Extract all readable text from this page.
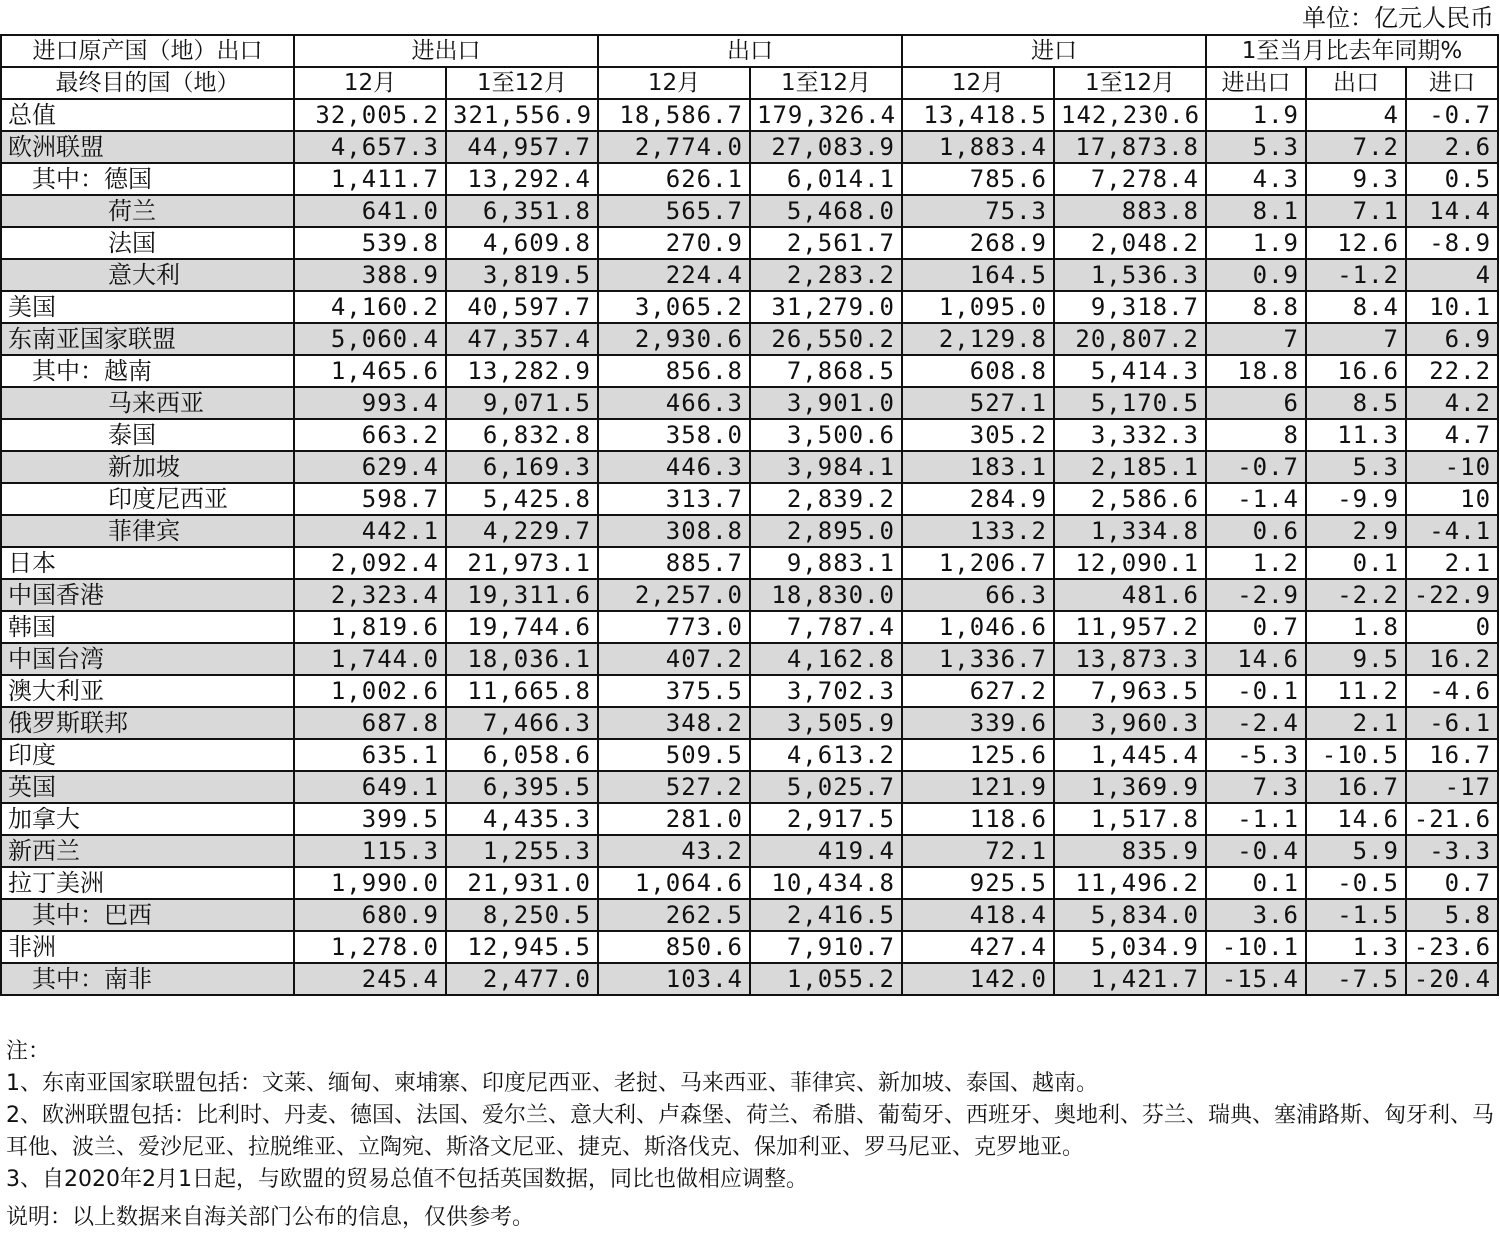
单位：亿元人民币
进口原产国（地）出口	进出口		出口		进口		1至当月比去年同期%		
最终目的国（地）	12月	1至12月	12月	1至12月	12月	1至12月	进出口	出口	进口
总值	32,005.2	321,556.9	18,586.7	179,326.4	13,418.5	142,230.6	1.9	4	-0.7
欧洲联盟	4,657.3	44,957.7	2,774.0	27,083.9	1,883.4	17,873.8	5.3	7.2	2.6
其中：德国	1,411.7	13,292.4	626.1	6,014.1	785.6	7,278.4	4.3	9.3	0.5
荷兰	641.0	6,351.8	565.7	5,468.0	75.3	883.8	8.1	7.1	14.4
法国	539.8	4,609.8	270.9	2,561.7	268.9	2,048.2	1.9	12.6	-8.9
意大利	388.9	3,819.5	224.4	2,283.2	164.5	1,536.3	0.9	-1.2	4
美国	4,160.2	40,597.7	3,065.2	31,279.0	1,095.0	9,318.7	8.8	8.4	10.1
东南亚国家联盟	5,060.4	47,357.4	2,930.6	26,550.2	2,129.8	20,807.2	7	7	6.9
其中：越南	1,465.6	13,282.9	856.8	7,868.5	608.8	5,414.3	18.8	16.6	22.2
马来西亚	993.4	9,071.5	466.3	3,901.0	527.1	5,170.5	6	8.5	4.2
泰国	663.2	6,832.8	358.0	3,500.6	305.2	3,332.3	8	11.3	4.7
新加坡	629.4	6,169.3	446.3	3,984.1	183.1	2,185.1	-0.7	5.3	-10
印度尼西亚	598.7	5,425.8	313.7	2,839.2	284.9	2,586.6	-1.4	-9.9	10
菲律宾	442.1	4,229.7	308.8	2,895.0	133.2	1,334.8	0.6	2.9	-4.1
日本	2,092.4	21,973.1	885.7	9,883.1	1,206.7	12,090.1	1.2	0.1	2.1
中国香港	2,323.4	19,311.6	2,257.0	18,830.0	66.3	481.6	-2.9	-2.2	-22.9
韩国	1,819.6	19,744.6	773.0	7,787.4	1,046.6	11,957.2	0.7	1.8	0
中国台湾	1,744.0	18,036.1	407.2	4,162.8	1,336.7	13,873.3	14.6	9.5	16.2
澳大利亚	1,002.6	11,665.8	375.5	3,702.3	627.2	7,963.5	-0.1	11.2	-4.6
俄罗斯联邦	687.8	7,466.3	348.2	3,505.9	339.6	3,960.3	-2.4	2.1	-6.1
印度	635.1	6,058.6	509.5	4,613.2	125.6	1,445.4	-5.3	-10.5	16.7
英国	649.1	6,395.5	527.2	5,025.7	121.9	1,369.9	7.3	16.7	-17
加拿大	399.5	4,435.3	281.0	2,917.5	118.6	1,517.8	-1.1	14.6	-21.6
新西兰	115.3	1,255.3	43.2	419.4	72.1	835.9	-0.4	5.9	-3.3
拉丁美洲	1,990.0	21,931.0	1,064.6	10,434.8	925.5	11,496.2	0.1	-0.5	0.7
其中：巴西	680.9	8,250.5	262.5	2,416.5	418.4	5,834.0	3.6	-1.5	5.8
非洲	1,278.0	12,945.5	850.6	7,910.7	427.4	5,034.9	-10.1	1.3	-23.6
其中：南非	245.4	2,477.0	103.4	1,055.2	142.0	1,421.7	-15.4	-7.5	-20.4

注：

1、东南亚国家联盟包括：文莱、缅甸、柬埔寨、印度尼西亚、老挝、马来西亚、菲律宾、新加坡、泰国、越南。

2、欧洲联盟包括：比利时、丹麦、德国、法国、爱尔兰、意大利、卢森堡、荷兰、希腊、葡萄牙、西班牙、奥地利、芬兰、瑞典、塞浦路斯、匈牙利、马耳他、波兰、爱沙尼亚、拉脱维亚、立陶宛、斯洛文尼亚、捷克、斯洛伐克、保加利亚、罗马尼亚、克罗地亚。

3、自2020年2月1日起，与欧盟的贸易总值不包括英国数据，同比也做相应调整。

说明：以上数据来自海关部门公布的信息，仅供参考。
